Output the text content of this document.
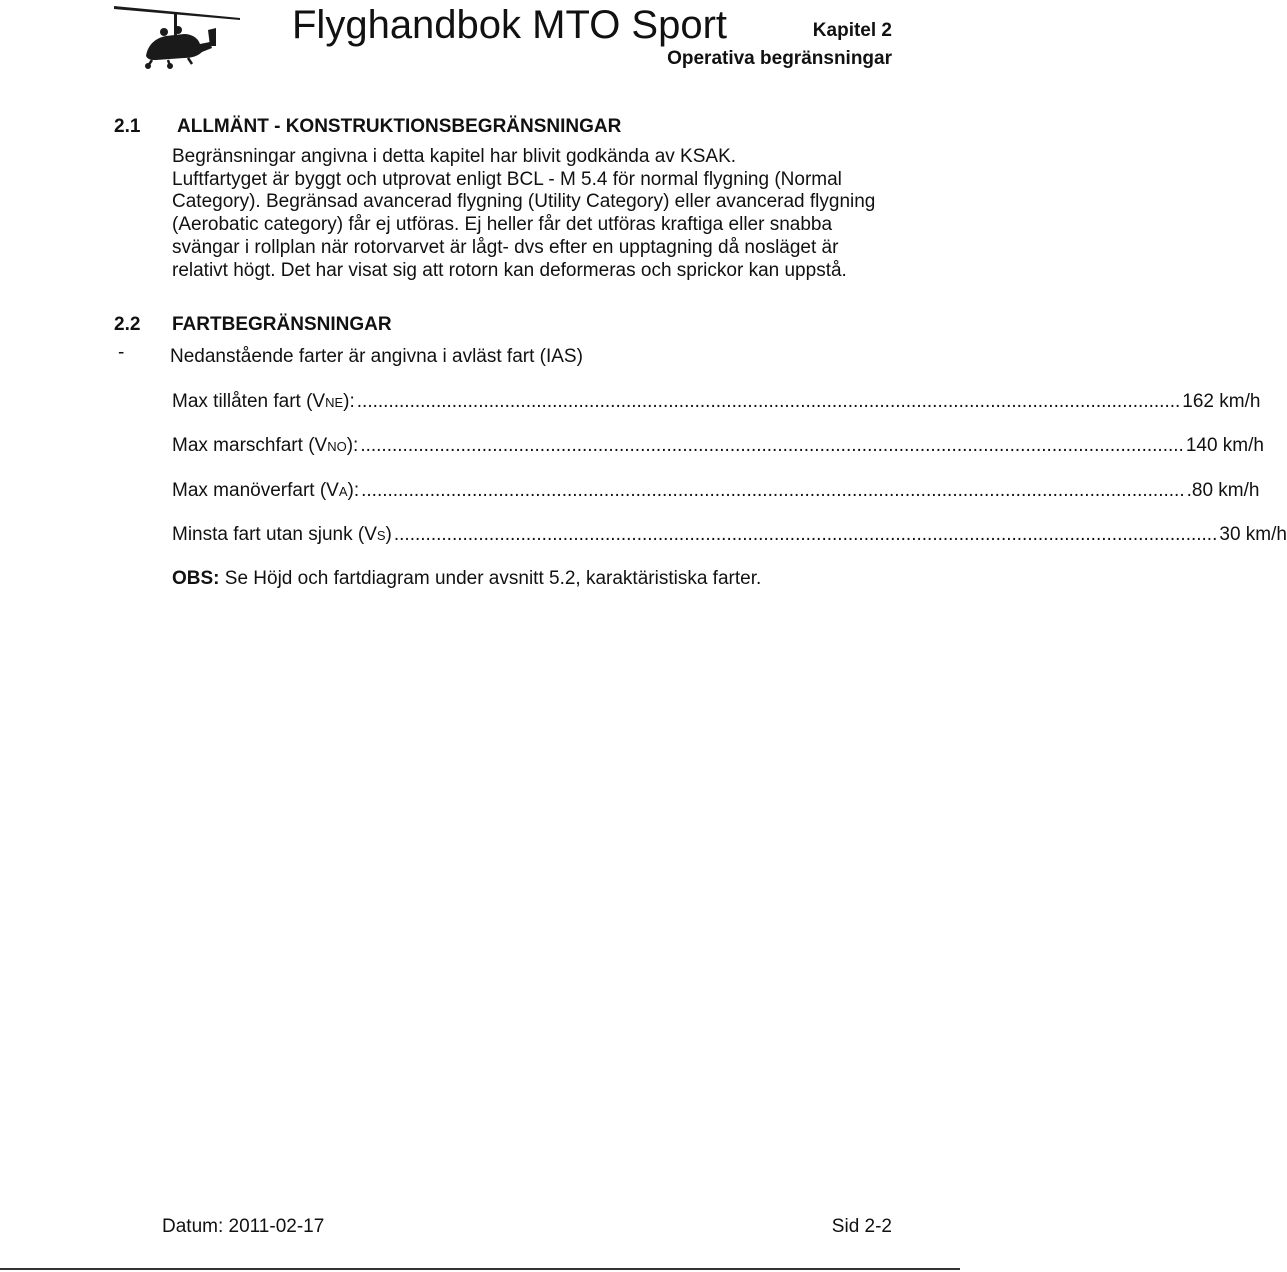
Flyghandbok MTO Sport	Kapitel 2
Operativa begränsningar
2.1 ALLMÄNT - KONSTRUKTIONSBEGRÄNSNINGAR
Begränsningar angivna i detta kapitel har blivit godkända av KSAK.
Luftfartyget är byggt och utprovat enligt BCL - M 5.4 för normal flygning (Normal
Category). Begränsad avancerad flygning (Utility Category) eller avancerad flygning
(Aerobatic category) får ej utföras. Ej heller får det utföras kraftiga eller snabba
svängar i rollplan när rotorvarvet är lågt- dvs efter en upptagning då nosläget är
relativt högt. Det har visat sig att rotorn kan deformeras och sprickor kan uppstå.
2.2 FARTBEGRÄNSNINGAR
- Nedanstående farter är angivna i avläst fart (IAS)
Max tillåten fart (VNE): ............................................................................................................................................................ 162 km/h
Max marschfart (VNO): ............................................................................................................................................................ 140 km/h
Max manöverfart (VA): ............................................................................................................................................................ .80 km/h
Minsta fart utan sjunk (VS) ............................................................................................................................................................ 30 km/h
OBS: Se Höjd och fartdiagram under avsnitt 5.2, karaktäristiska farter.
Datum: 2011-02-17	Sid 2-2
